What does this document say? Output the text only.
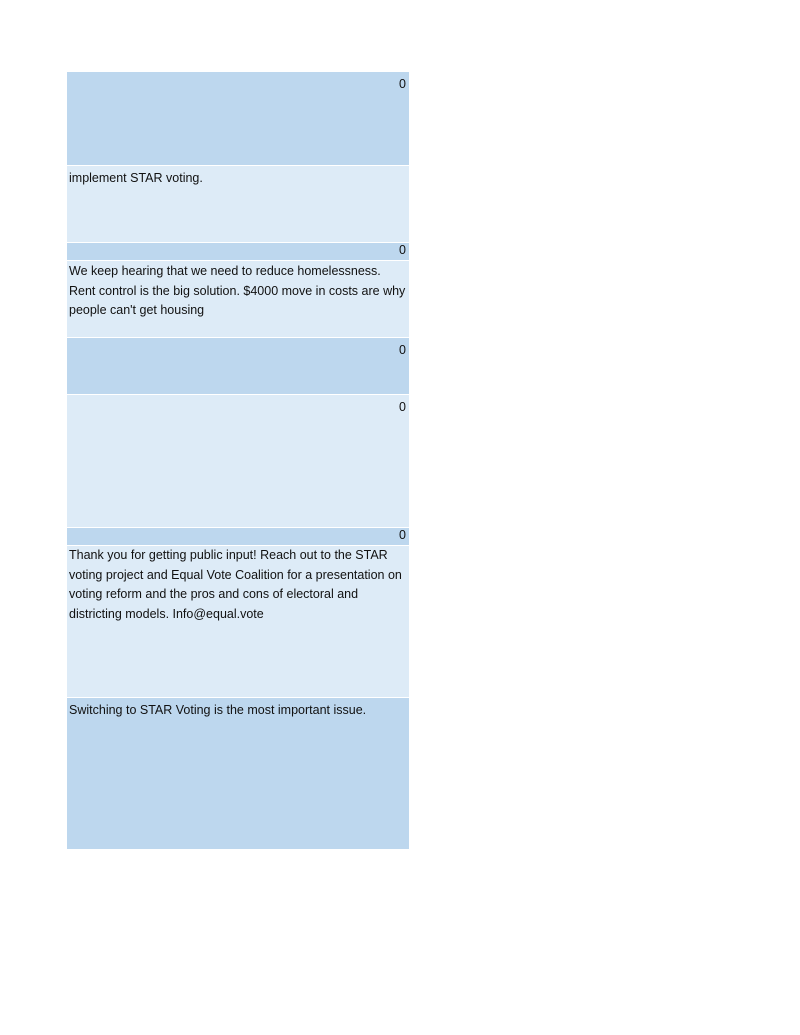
0
implement STAR voting.
0
We keep hearing that we need to reduce homelessness. Rent control is the big solution. $4000 move in costs are why people can't get housing
0
0
0
Thank you for getting public input! Reach out to the STAR voting project and Equal Vote Coalition for a presentation on voting reform and the pros and cons of electoral and districting models. Info@equal.vote
Switching to STAR Voting is the most important issue.
